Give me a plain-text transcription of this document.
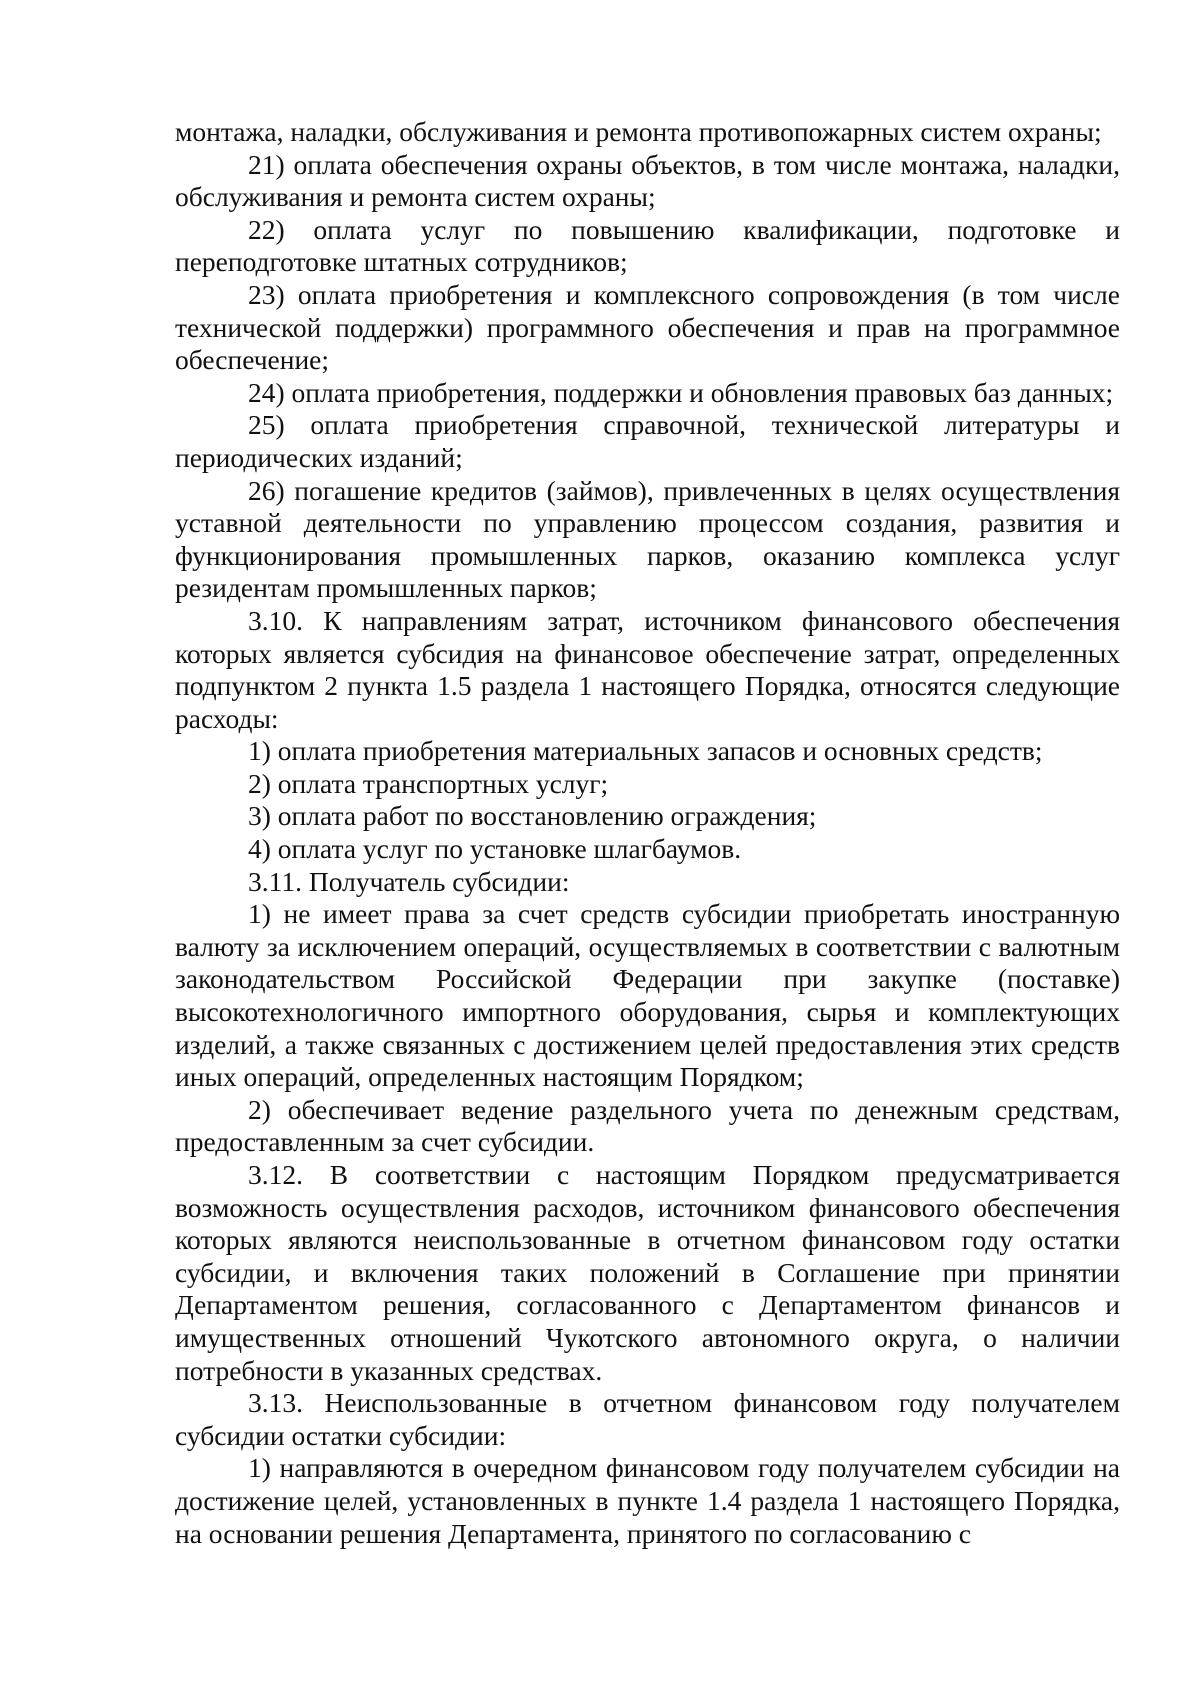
монтажа, наладки, обслуживания и ремонта противопожарных систем охраны;

21) оплата обеспечения охраны объектов, в том числе монтажа, наладки, обслуживания и ремонта систем охраны;

22) оплата услуг по повышению квалификации, подготовке и переподготовке штатных сотрудников;

23) оплата приобретения и комплексного сопровождения (в том числе технической поддержки) программного обеспечения и прав на программное обеспечение;

24) оплата приобретения, поддержки и обновления правовых баз данных;

25) оплата приобретения справочной, технической литературы и периодических изданий;

26) погашение кредитов (займов), привлеченных в целях осуществления уставной деятельности по управлению процессом создания, развития и функционирования промышленных парков, оказанию комплекса услуг резидентам промышленных парков;

3.10. К направлениям затрат, источником финансового обеспечения которых является субсидия на финансовое обеспечение затрат, определенных подпунктом 2 пункта 1.5 раздела 1 настоящего Порядка, относятся следующие расходы:

1) оплата приобретения материальных запасов и основных средств;

2) оплата транспортных услуг;

3) оплата работ по восстановлению ограждения;

4) оплата услуг по установке шлагбаумов.

3.11. Получатель субсидии:

1) не имеет права за счет средств субсидии приобретать иностранную валюту за исключением операций, осуществляемых в соответствии с валютным законодательством Российской Федерации при закупке (поставке) высокотехнологичного импортного оборудования, сырья и комплектующих изделий, а также связанных с достижением целей предоставления этих средств иных операций, определенных настоящим Порядком;

2) обеспечивает ведение раздельного учета по денежным средствам, предоставленным за счет субсидии.

3.12. В соответствии с настоящим Порядком предусматривается возможность осуществления расходов, источником финансового обеспечения которых являются неиспользованные в отчетном финансовом году остатки субсидии, и включения таких положений в Соглашение при принятии Департаментом решения, согласованного с Департаментом финансов и имущественных отношений Чукотского автономного округа, о наличии потребности в указанных средствах.

3.13. Неиспользованные в отчетном финансовом году получателем субсидии остатки субсидии:

1) направляются в очередном финансовом году получателем субсидии на достижение целей, установленных в пункте 1.4 раздела 1 настоящего Порядка, на основании решения Департамента, принятого по согласованию с
